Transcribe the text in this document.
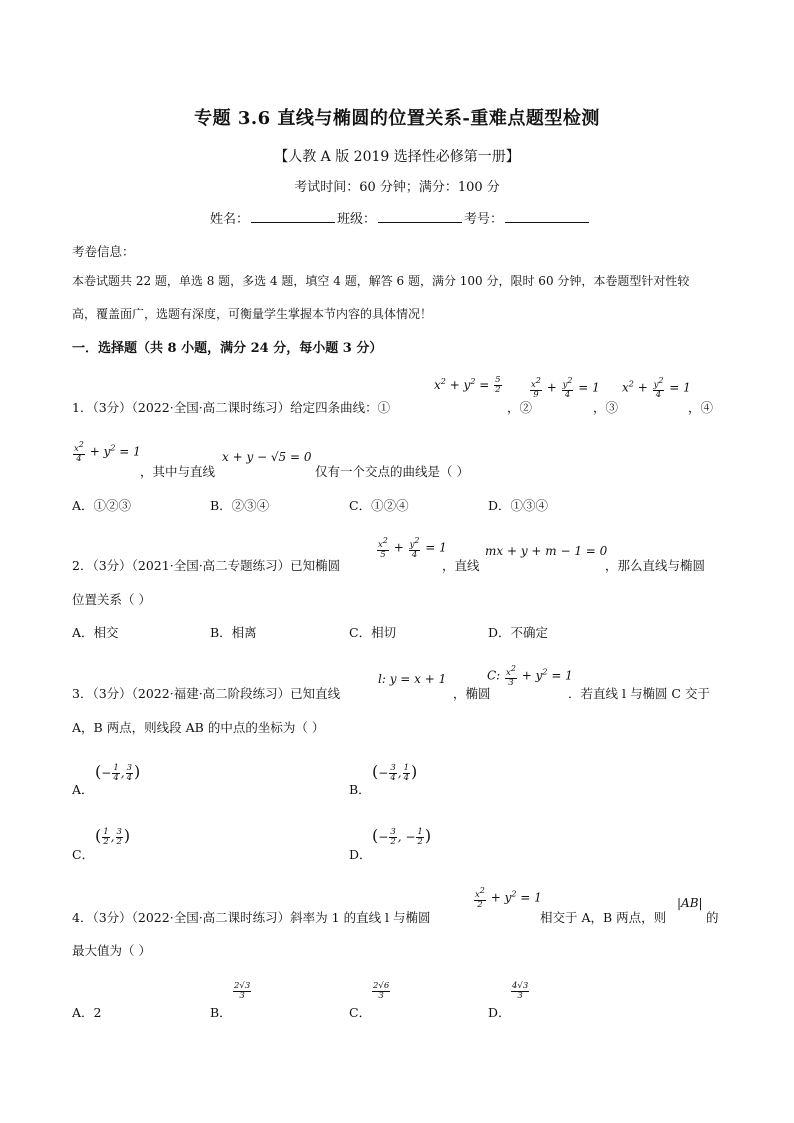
专题 3.6 直线与椭圆的位置关系-重难点题型检测
【人教 A 版 2019 选择性必修第一册】
考试时间：60 分钟；满分：100 分
姓名：	班级：	考号：
考卷信息：
本卷试题共 22 题，单选 8 题，多选 4 题，填空 4 题，解答 6 题，满分 100 分，限时 60 分钟，本卷题型针对性较
高，覆盖面广，选题有深度，可衡量学生掌握本节内容的具体情况！
一．选择题（共 8 小题，满分 24 分，每小题 3 分）
1．（3分）（2022·全国·高二课时练习）给定四条曲线：①
$x^2 + y^2 = \frac{5}{2}$
，②
$\frac{x2}{9} + \frac{y2}{4} = 1$
，③
$x^2 + \frac{y2}{4} = 1$
，④
$\frac{x2}{4} + y^2 = 1$
，其中与直线
x + y − √5 = 0
仅有一个交点的曲线是（ ）
A．①②③	B．②③④	C．①②④	D．①③④
2．（3分）（2021·全国·高二专题练习）已知椭圆
$\frac{x2}{5} + \frac{y2}{4} = 1$
，直线
mx + y + m − 1 = 0
，那么直线与椭圆
位置关系（ ）
A．相交	B．相离	C．相切	D．不确定
3．（3分）（2022·福建·高二阶段练习）已知直线
l: y = x + 1
，椭圆
C: $\frac{x2}{3} + y^2 = 1$
．若直线 l 与椭圆 C 交于
A，B 两点，则线段 AB 的中点的坐标为（ ）
A．
(− $\frac{1}{4}$ , $\frac{3}{4}$ )
B．
(− $\frac{3}{4}$ , $\frac{1}{4}$ )
C．
( $\frac{1}{2}$ , $\frac{3}{2}$ )
D．
(− $\frac{3}{2}$ , − $\frac{1}{2}$ )
4．（3分）（2022·全国·高二课时练习）斜率为 1 的直线 l 与椭圆
$\frac{x2}{2} + y^2 = 1$
相交于 A，B 两点，则
|AB|
的
最大值为（ ）
A．2	B．
$\frac{2√3}{3}$
C．
$\frac{2√6}{3}$
D．
$\frac{4√3}{3}$
